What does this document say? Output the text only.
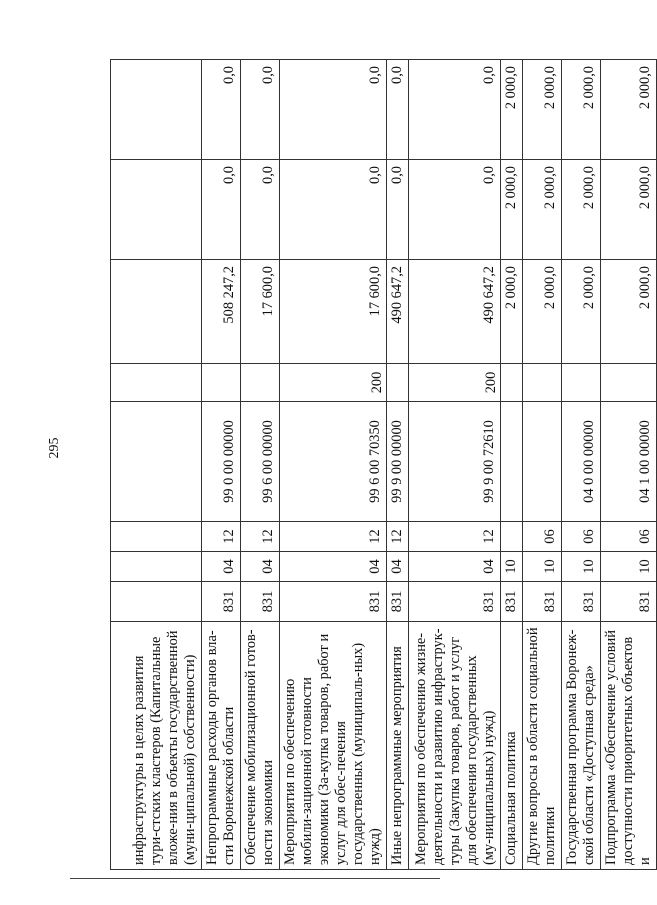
295
инфраструктуры в целях развития тури-стских кластеров (Капитальные вложе-ния в объекты государственной (муни-ципальной) собственности)								
Непрограммные расходы органов вла-сти Воронежской области	831	04	12	99 0 00 00000		508 247,2	0,0	0,0
Обеспечение мобилизационной готов-ности экономики	831	04	12	99 6 00 00000		17 600,0	0,0	0,0
Мероприятия по обеспечению мобили-зационной готовности экономики (За-купка товаров, работ и услуг для обес-печения государственных (муниципаль-ных) нужд)	831	04	12	99 6 00 70350	200	17 600,0	0,0	0,0
Иные непрограммные мероприятия	831	04	12	99 9 00 00000		490 647,2	0,0	0,0
Мероприятия по обеспечению жизне-деятельности и развитию инфраструк-туры (Закупка товаров, работ и услуг для обеспечения государственных (му-ниципальных) нужд)	831	04	12	99 9 00 72610	200	490 647,2	0,0	0,0
Социальная политика	831	10				2 000,0	2 000,0	2 000,0
Другие вопросы в области социальной политики	831	10	06			2 000,0	2 000,0	2 000,0
Государственная программа Воронеж-ской области «Доступная среда»	831	10	06	04 0 00 00000		2 000,0	2 000,0	2 000,0
Подпрограмма «Обеспечение условий доступности приоритетных объектов и	831	10	06	04 1 00 00000		2 000,0	2 000,0	2 000,0
